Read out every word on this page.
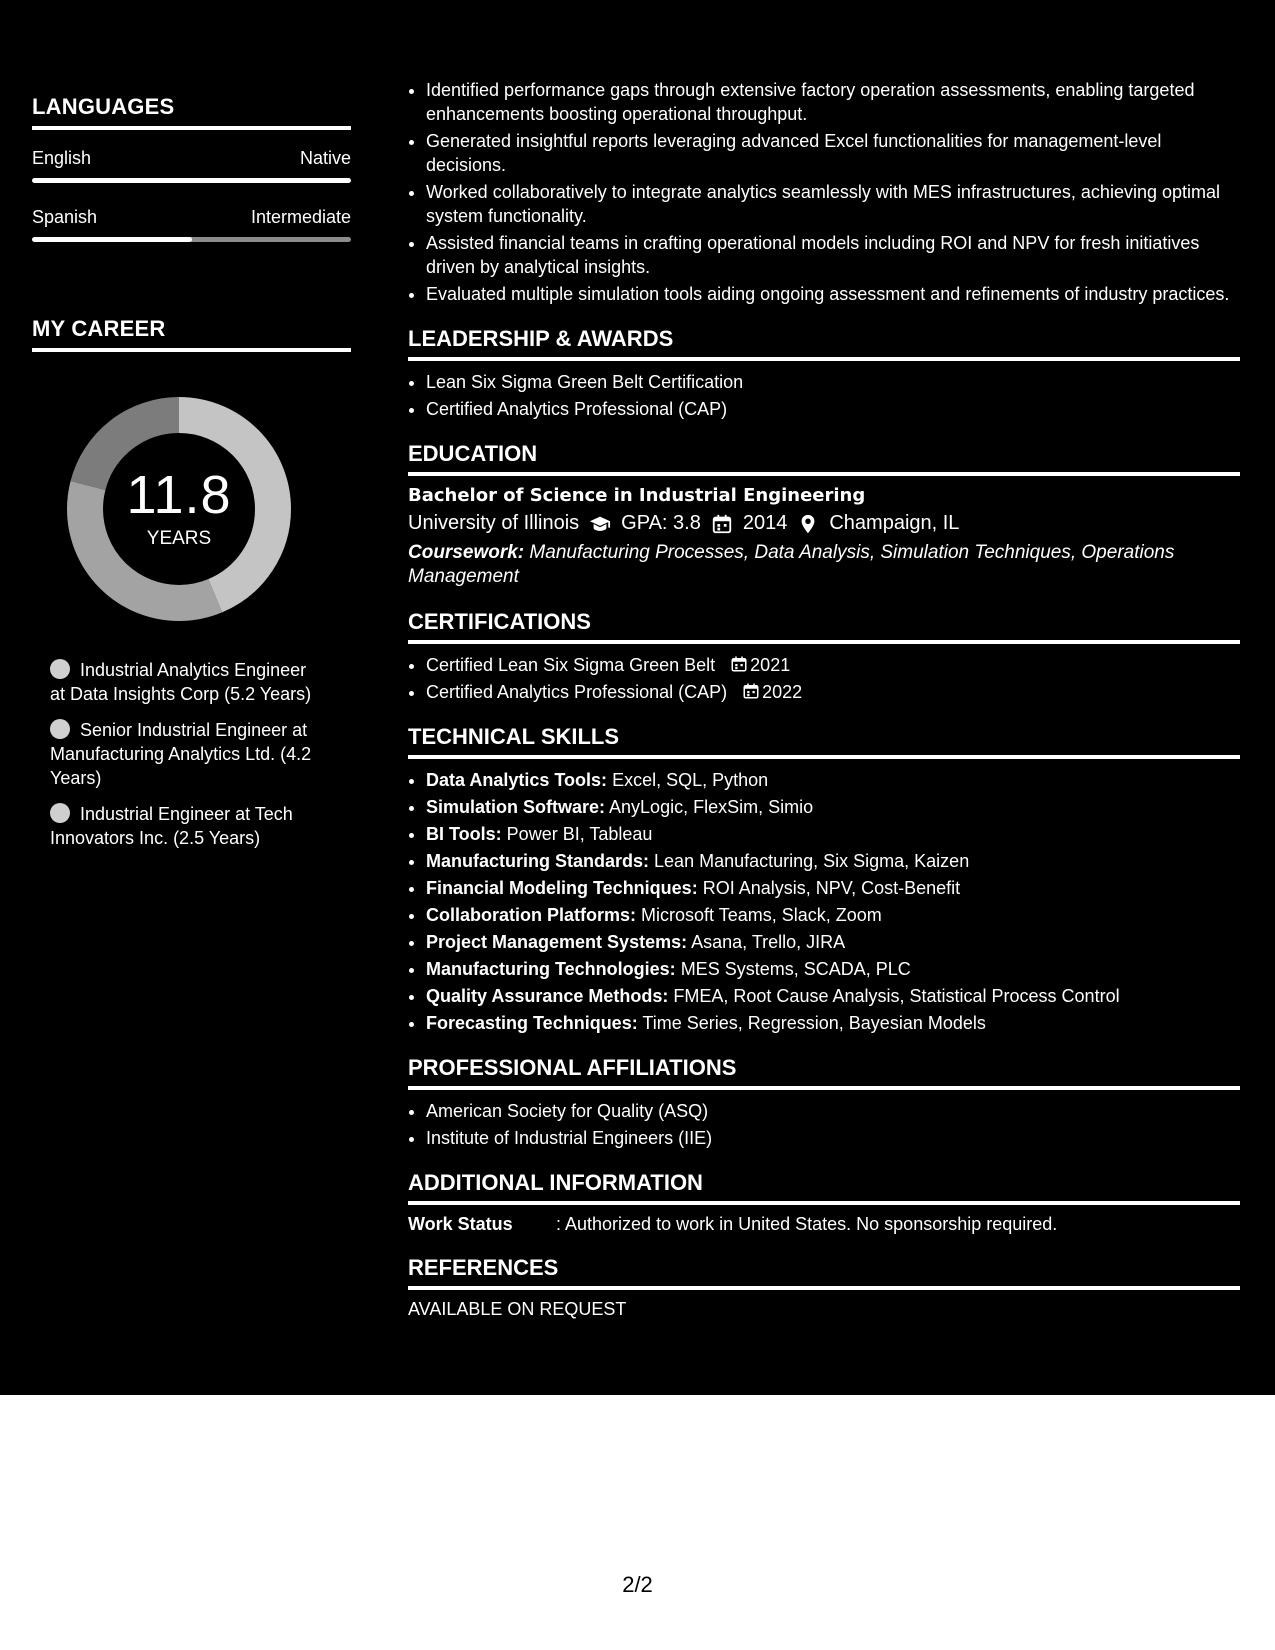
LANGUAGES
English	Native
Spanish	Intermediate
MY CAREER
11.8
YEARS
Industrial Analytics Engineer at Data Insights Corp (5.2 Years)
Senior Industrial Engineer at Manufacturing Analytics Ltd. (4.2 Years)
Industrial Engineer at Tech Innovators Inc. (2.5 Years)
• Identified performance gaps through extensive factory operation assessments, enabling targeted enhancements boosting operational throughput.
• Generated insightful reports leveraging advanced Excel functionalities for management-level decisions.
• Worked collaboratively to integrate analytics seamlessly with MES infrastructures, achieving optimal system functionality.
• Assisted financial teams in crafting operational models including ROI and NPV for fresh initiatives driven by analytical insights.
• Evaluated multiple simulation tools aiding ongoing assessment and refinements of industry practices.
LEADERSHIP & AWARDS
• Lean Six Sigma Green Belt Certification
• Certified Analytics Professional (CAP)
EDUCATION
Bachelor of Science in Industrial Engineering
University of Illinois GPA: 3.8 2014 Champaign, IL
Coursework: Manufacturing Processes, Data Analysis, Simulation Techniques, Operations Management
CERTIFICATIONS
• Certified Lean Six Sigma Green Belt 2021
• Certified Analytics Professional (CAP) 2022
TECHNICAL SKILLS
• Data Analytics Tools: Excel, SQL, Python
• Simulation Software: AnyLogic, FlexSim, Simio
• BI Tools: Power BI, Tableau
• Manufacturing Standards: Lean Manufacturing, Six Sigma, Kaizen
• Financial Modeling Techniques: ROI Analysis, NPV, Cost-Benefit
• Collaboration Platforms: Microsoft Teams, Slack, Zoom
• Project Management Systems: Asana, Trello, JIRA
• Manufacturing Technologies: MES Systems, SCADA, PLC
• Quality Assurance Methods: FMEA, Root Cause Analysis, Statistical Process Control
• Forecasting Techniques: Time Series, Regression, Bayesian Models
PROFESSIONAL AFFILIATIONS
• American Society for Quality (ASQ)
• Institute of Industrial Engineers (IIE)
ADDITIONAL INFORMATION
Work Status	: Authorized to work in United States. No sponsorship required.
REFERENCES
AVAILABLE ON REQUEST
2/2
